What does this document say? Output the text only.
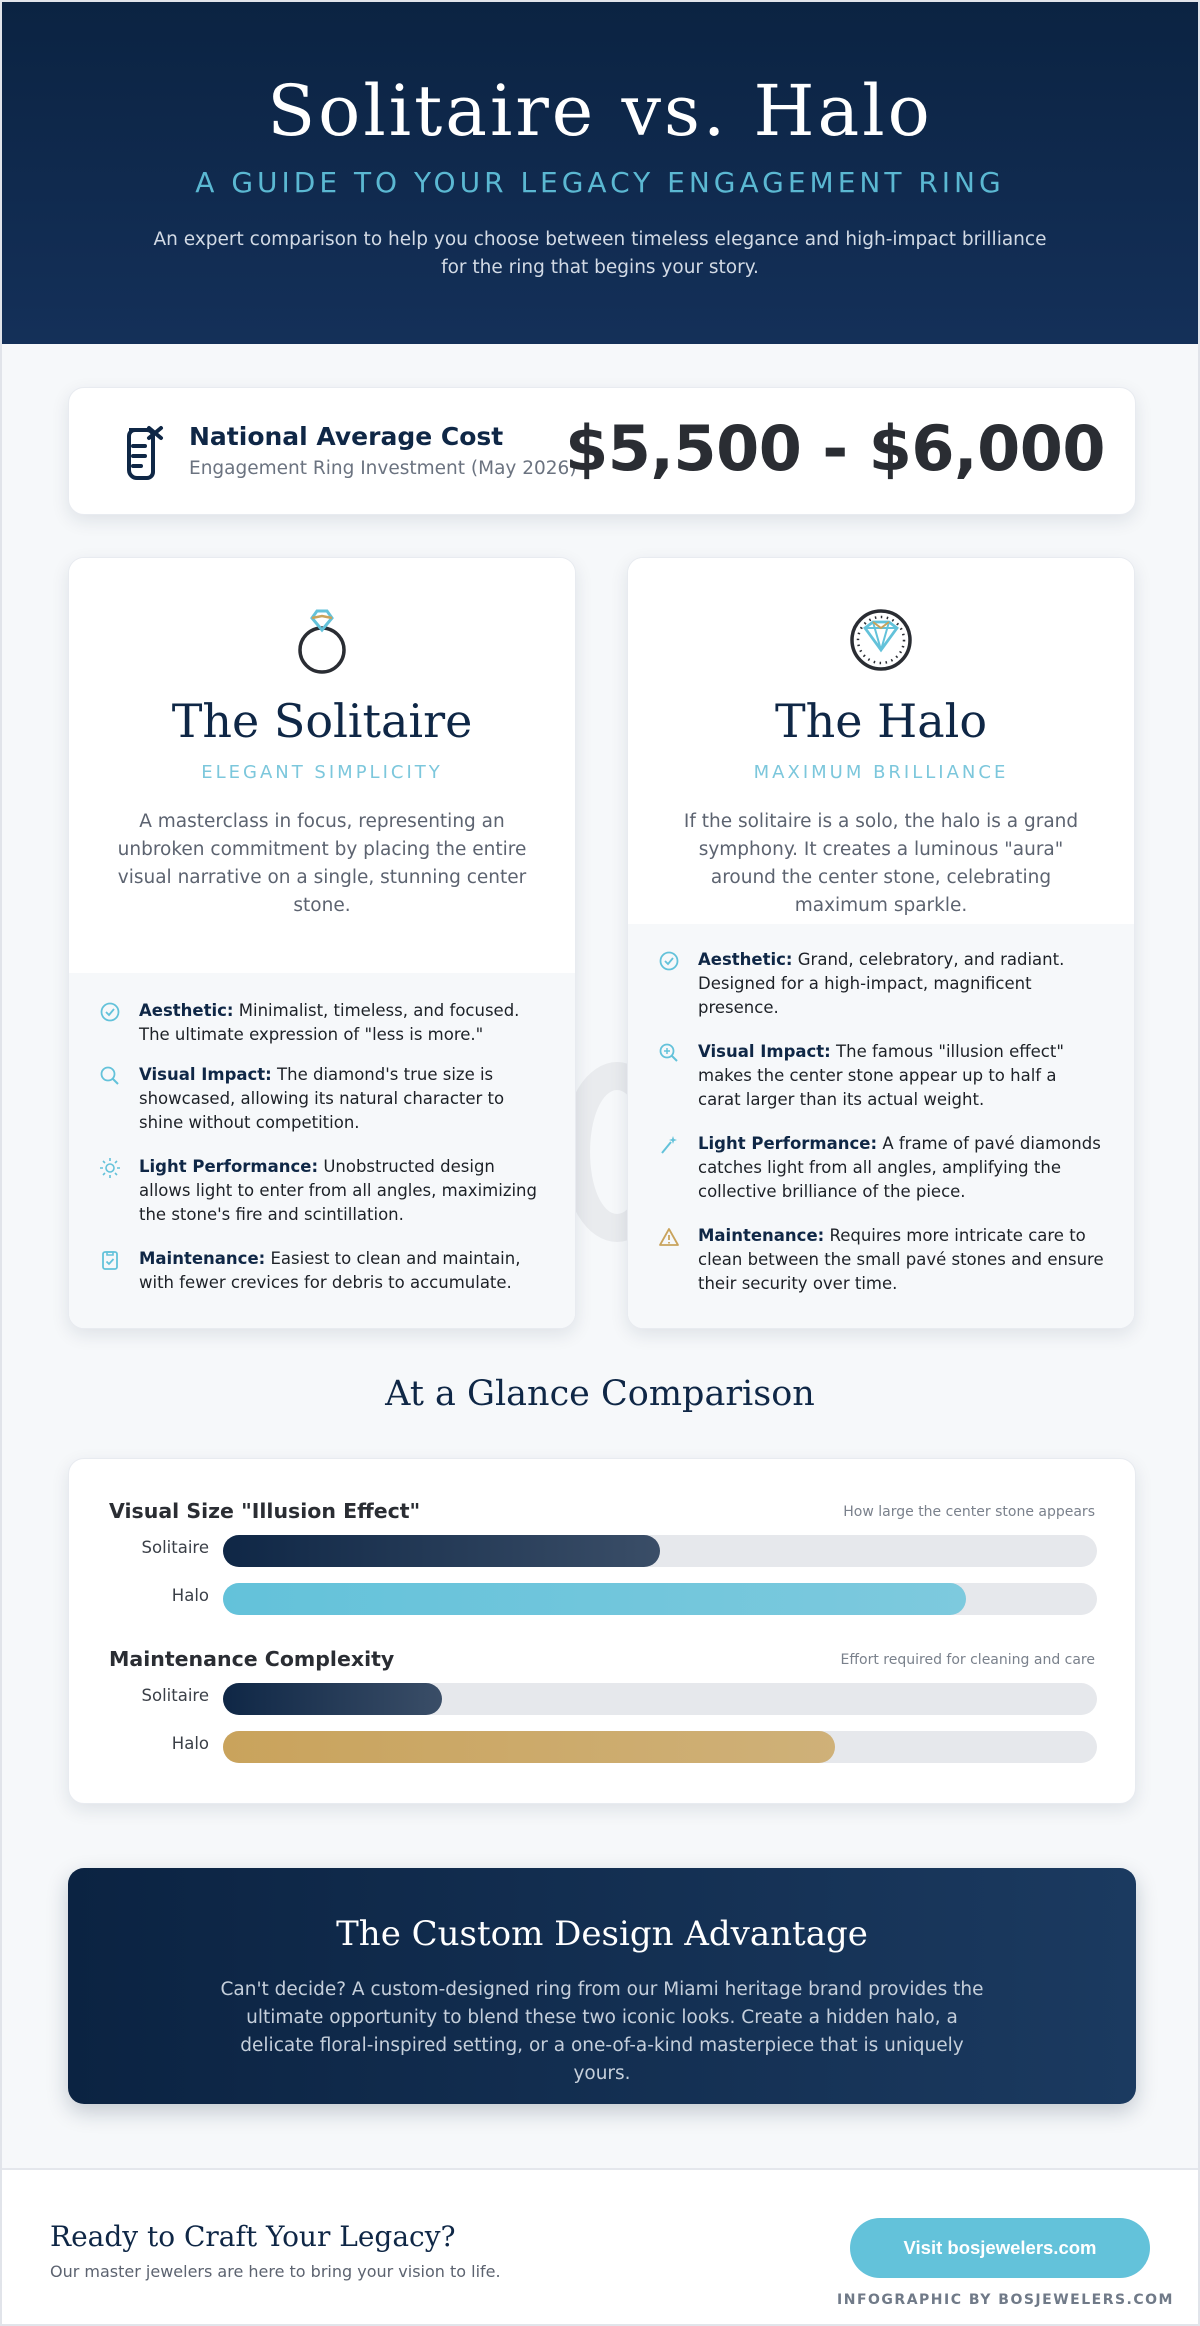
Solitaire vs. Halo
A GUIDE TO YOUR LEGACY ENGAGEMENT RING
An expert comparison to help you choose between timeless elegance and high-impact brilliance for the ring that begins your story.
National Average Cost
Engagement Ring Investment (May 2026)
$5,500 - $6,000
The Solitaire
ELEGANT SIMPLICITY
A masterclass in focus, representing an unbroken commitment by placing the entire visual narrative on a single, stunning center stone.
Aesthetic: Minimalist, timeless, and focused. The ultimate expression of "less is more."
Visual Impact: The diamond's true size is showcased, allowing its natural character to shine without competition.
Light Performance: Unobstructed design allows light to enter from all angles, maximizing the stone's fire and scintillation.
Maintenance: Easiest to clean and maintain, with fewer crevices for debris to accumulate.
The Halo
MAXIMUM BRILLIANCE
If the solitaire is a solo, the halo is a grand symphony. It creates a luminous "aura" around the center stone, celebrating maximum sparkle.
Aesthetic: Grand, celebratory, and radiant. Designed for a high-impact, magnificent presence.
Visual Impact: The famous "illusion effect" makes the center stone appear up to half a carat larger than its actual weight.
Light Performance: A frame of pavé diamonds catches light from all angles, amplifying the collective brilliance of the piece.
Maintenance: Requires more intricate care to clean between the small pavé stones and ensure their security over time.
At a Glance Comparison
Visual Size "Illusion Effect"	How large the center stone appears
Solitaire
Halo
Maintenance Complexity	Effort required for cleaning and care
Solitaire
Halo
The Custom Design Advantage

Can't decide? A custom-designed ring from our Miami heritage brand provides the ultimate opportunity to blend these two iconic looks. Create a hidden halo, a delicate floral-inspired setting, or a one-of-a-kind masterpiece that is uniquely yours.

Ready to Craft Your Legacy?
Our master jewelers are here to bring your vision to life.
Visit bosjewelers.com
INFOGRAPHIC BY BOSJEWELERS.COM
